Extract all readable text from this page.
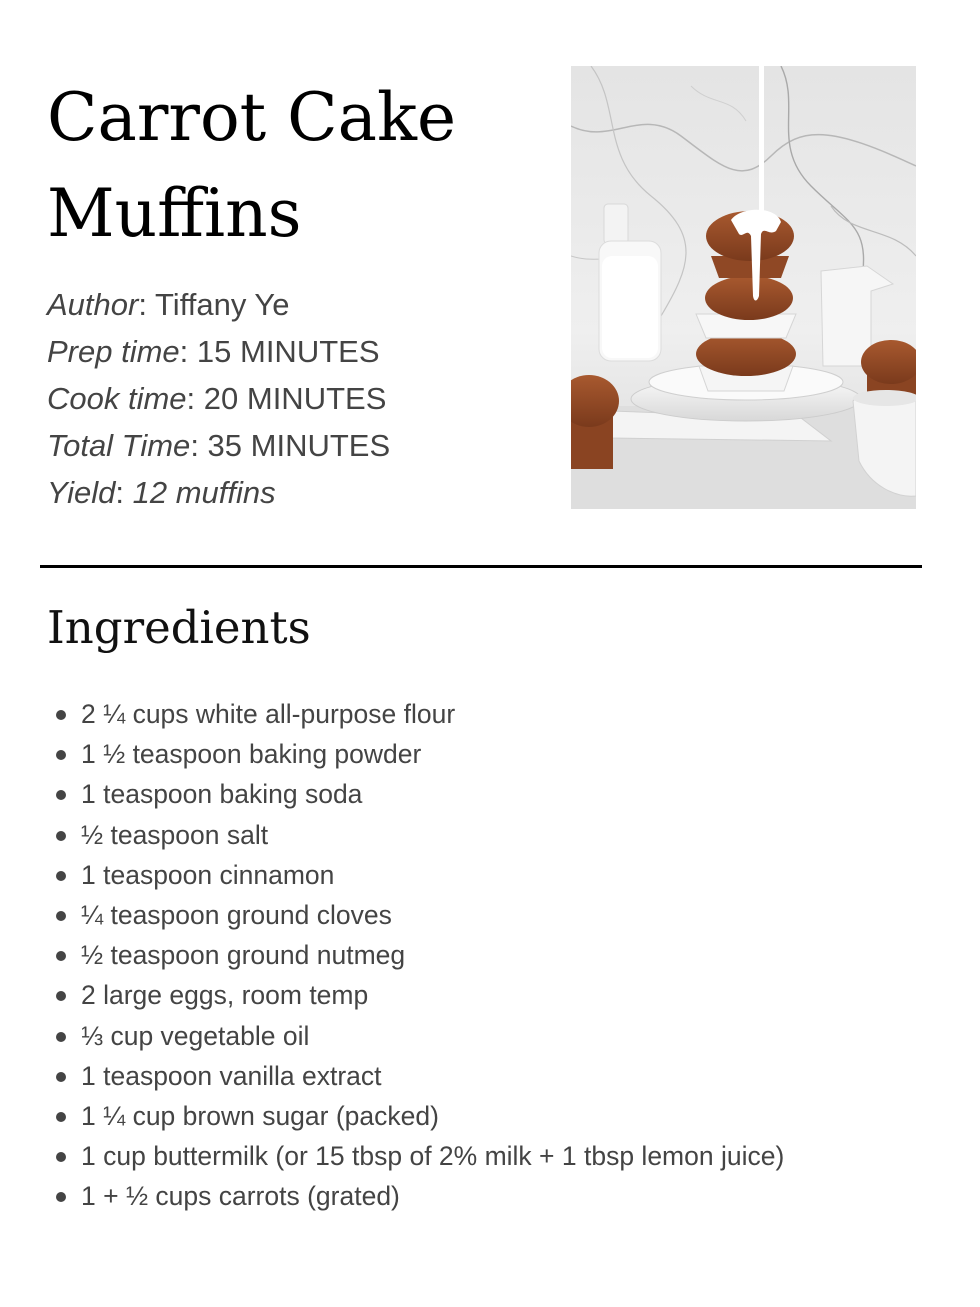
Carrot Cake
Muffins
Author: Tiffany Ye
Prep time: 15 MINUTES
Cook time: 20 MINUTES
Total Time: 35 MINUTES
Yield: 12 muffins
Ingredients
2 ¼ cups white all-purpose flour
1 ½ teaspoon baking powder
1 teaspoon baking soda
½ teaspoon salt
1 teaspoon cinnamon
¼ teaspoon ground cloves
½ teaspoon ground nutmeg
2 large eggs, room temp
⅓ cup vegetable oil
1 teaspoon vanilla extract
1 ¼ cup brown sugar (packed)
1 cup buttermilk (or 15 tbsp of 2% milk + 1 tbsp lemon juice)
1 + ½ cups carrots (grated)
